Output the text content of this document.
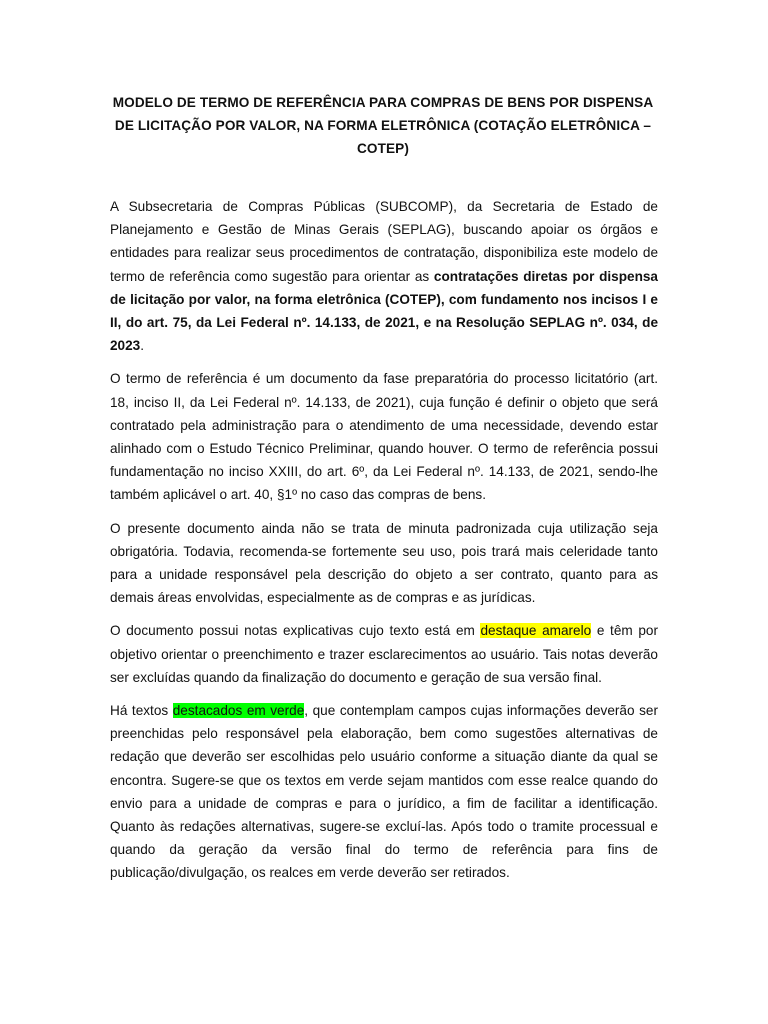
MODELO DE TERMO DE REFERÊNCIA PARA COMPRAS DE BENS POR DISPENSA DE LICITAÇÃO POR VALOR, NA FORMA ELETRÔNICA (COTAÇÃO ELETRÔNICA – COTEP)

A Subsecretaria de Compras Públicas (SUBCOMP), da Secretaria de Estado de Planejamento e Gestão de Minas Gerais (SEPLAG), buscando apoiar os órgãos e entidades para realizar seus procedimentos de contratação, disponibiliza este modelo de termo de referência como sugestão para orientar as contratações diretas por dispensa de licitação por valor, na forma eletrônica (COTEP), com fundamento nos incisos I e II, do art. 75, da Lei Federal nº. 14.133, de 2021, e na Resolução SEPLAG nº. 034, de 2023.

O termo de referência é um documento da fase preparatória do processo licitatório (art. 18, inciso II, da Lei Federal nº. 14.133, de 2021), cuja função é definir o objeto que será contratado pela administração para o atendimento de uma necessidade, devendo estar alinhado com o Estudo Técnico Preliminar, quando houver. O termo de referência possui fundamentação no inciso XXIII, do art. 6º, da Lei Federal nº. 14.133, de 2021, sendo-lhe também aplicável o art. 40, §1º no caso das compras de bens.

O presente documento ainda não se trata de minuta padronizada cuja utilização seja obrigatória. Todavia, recomenda-se fortemente seu uso, pois trará mais celeridade tanto para a unidade responsável pela descrição do objeto a ser contrato, quanto para as demais áreas envolvidas, especialmente as de compras e as jurídicas.

O documento possui notas explicativas cujo texto está em destaque amarelo e têm por objetivo orientar o preenchimento e trazer esclarecimentos ao usuário. Tais notas deverão ser excluídas quando da finalização do documento e geração de sua versão final.

Há textos destacados em verde, que contemplam campos cujas informações deverão ser preenchidas pelo responsável pela elaboração, bem como sugestões alternativas de redação que deverão ser escolhidas pelo usuário conforme a situação diante da qual se encontra. Sugere-se que os textos em verde sejam mantidos com esse realce quando do envio para a unidade de compras e para o jurídico, a fim de facilitar a identificação. Quanto às redações alternativas, sugere-se excluí-las. Após todo o tramite processual e quando da geração da versão final do termo de referência para fins de publicação/divulgação, os realces em verde deverão ser retirados.
